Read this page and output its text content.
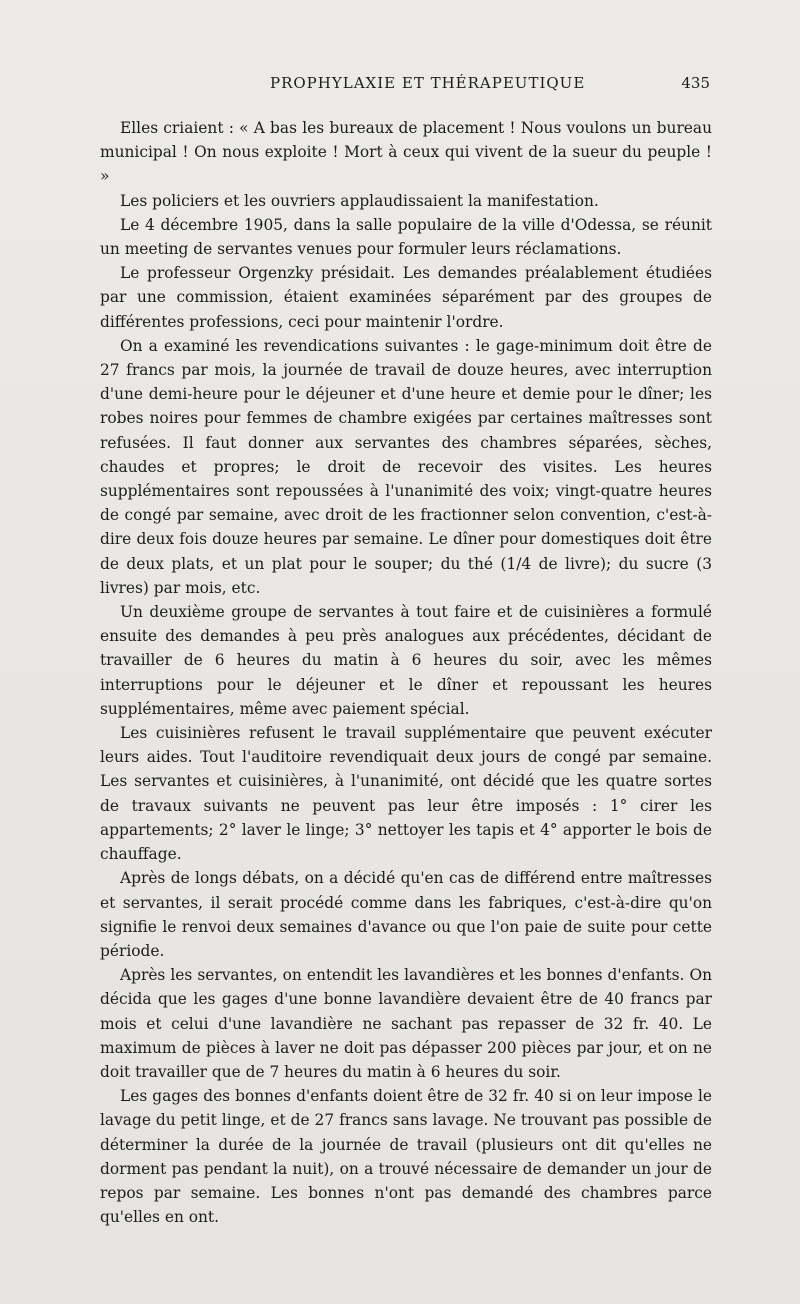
PROPHYLAXIE ET THÉRAPEUTIQUE	435

Elles criaient : « A bas les bureaux de placement ! Nous voulons un bureau municipal ! On nous exploite ! Mort à ceux qui vivent de la sueur du peuple ! »

Les policiers et les ouvriers applaudissaient la manifestation.

Le 4 décembre 1905, dans la salle populaire de la ville d'Odessa, se réunit un meeting de servantes venues pour formuler leurs réclamations.

Le professeur Orgenzky présidait. Les demandes préalablement étudiées par une commission, étaient examinées séparément par des groupes de différentes professions, ceci pour maintenir l'ordre.

On a examiné les revendications suivantes : le gage-minimum doit être de 27 francs par mois, la journée de travail de douze heures, avec interruption d'une demi-heure pour le déjeuner et d'une heure et demie pour le dîner; les robes noires pour femmes de chambre exigées par certaines maîtresses sont refusées. Il faut donner aux servantes des chambres séparées, sèches, chaudes et propres; le droit de recevoir des visites. Les heures supplémentaires sont repoussées à l'unanimité des voix; vingt-quatre heures de congé par semaine, avec droit de les fractionner selon convention, c'est-à-dire deux fois douze heures par semaine. Le dîner pour domestiques doit être de deux plats, et un plat pour le souper; du thé (1/4 de livre); du sucre (3 livres) par mois, etc.

Un deuxième groupe de servantes à tout faire et de cuisinières a formulé ensuite des demandes à peu près analogues aux précédentes, décidant de travailler de 6 heures du matin à 6 heures du soir, avec les mêmes interruptions pour le déjeuner et le dîner et repoussant les heures supplémentaires, même avec paiement spécial.

Les cuisinières refusent le travail supplémentaire que peuvent exécuter leurs aides. Tout l'auditoire revendiquait deux jours de congé par semaine. Les servantes et cuisinières, à l'unanimité, ont décidé que les quatre sortes de travaux suivants ne peuvent pas leur être imposés : 1° cirer les appartements; 2° laver le linge; 3° nettoyer les tapis et 4° apporter le bois de chauffage.

Après de longs débats, on a décidé qu'en cas de différend entre maîtresses et servantes, il serait procédé comme dans les fabriques, c'est-à-dire qu'on signifie le renvoi deux semaines d'avance ou que l'on paie de suite pour cette période.

Après les servantes, on entendit les lavandières et les bonnes d'enfants. On décida que les gages d'une bonne lavandière devaient être de 40 francs par mois et celui d'une lavandière ne sachant pas repasser de 32 fr. 40. Le maximum de pièces à laver ne doit pas dépasser 200 pièces par jour, et on ne doit travailler que de 7 heures du matin à 6 heures du soir.

Les gages des bonnes d'enfants doient être de 32 fr. 40 si on leur impose le lavage du petit linge, et de 27 francs sans lavage. Ne trouvant pas possible de déterminer la durée de la journée de travail (plusieurs ont dit qu'elles ne dorment pas pendant la nuit), on a trouvé nécessaire de demander un jour de repos par semaine. Les bonnes n'ont pas demandé des chambres parce qu'elles en ont.
